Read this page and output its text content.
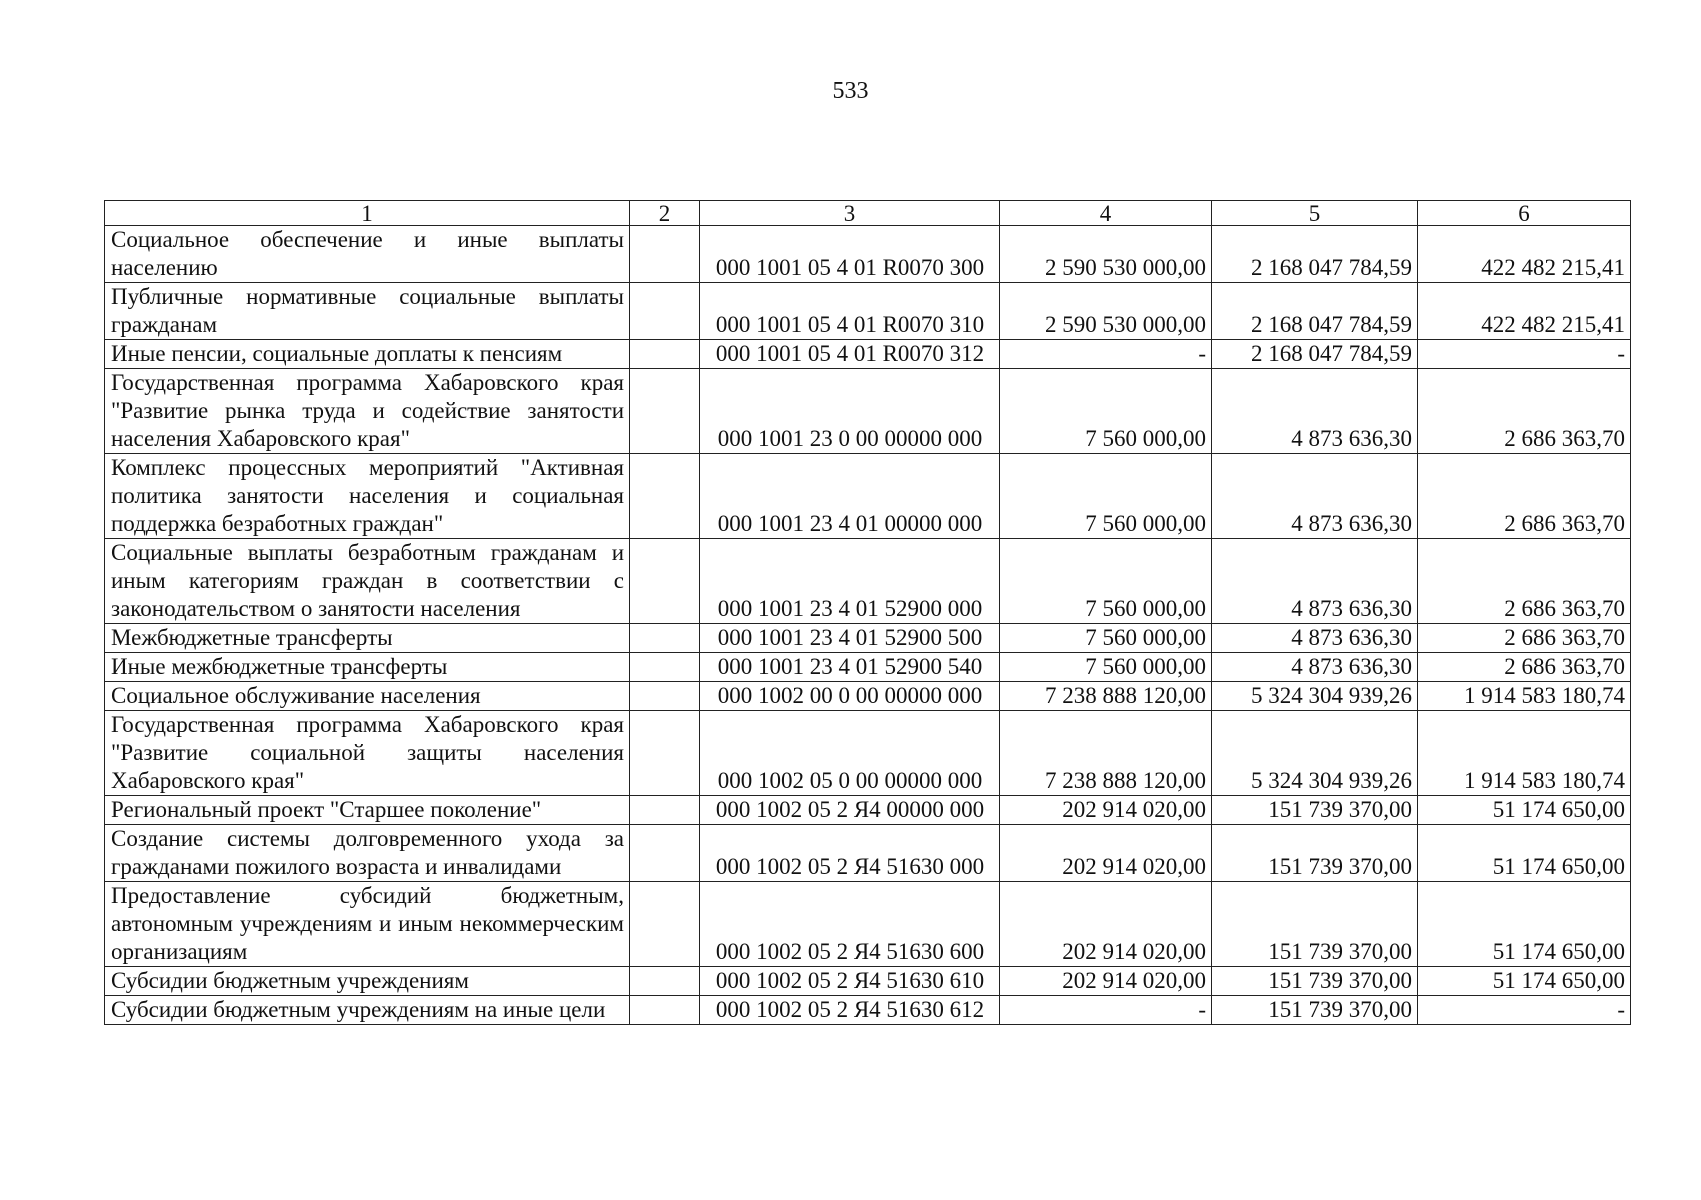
533
1	2	3	4	5	6
Социальное обеспечение и иные выплаты населению		000 1001 05 4 01 R0070 300	2 590 530 000,00	2 168 047 784,59	422 482 215,41
Публичные нормативные социальные выплаты гражданам		000 1001 05 4 01 R0070 310	2 590 530 000,00	2 168 047 784,59	422 482 215,41
Иные пенсии, социальные доплаты к пенсиям		000 1001 05 4 01 R0070 312	-	2 168 047 784,59	-
Государственная программа Хабаровского края "Развитие рынка труда и содействие занятости населения Хабаровского края"		000 1001 23 0 00 00000 000	7 560 000,00	4 873 636,30	2 686 363,70
Комплекс процессных мероприятий "Активная политика занятости населения и социальная поддержка безработных граждан"		000 1001 23 4 01 00000 000	7 560 000,00	4 873 636,30	2 686 363,70
Социальные выплаты безработным гражданам и иным категориям граждан в соответствии с законодательством о занятости населения		000 1001 23 4 01 52900 000	7 560 000,00	4 873 636,30	2 686 363,70
Межбюджетные трансферты		000 1001 23 4 01 52900 500	7 560 000,00	4 873 636,30	2 686 363,70
Иные межбюджетные трансферты		000 1001 23 4 01 52900 540	7 560 000,00	4 873 636,30	2 686 363,70
Социальное обслуживание населения		000 1002 00 0 00 00000 000	7 238 888 120,00	5 324 304 939,26	1 914 583 180,74
Государственная программа Хабаровского края "Развитие социальной защиты населения Хабаровского края"		000 1002 05 0 00 00000 000	7 238 888 120,00	5 324 304 939,26	1 914 583 180,74
Региональный проект "Старшее поколение"		000 1002 05 2 Я4 00000 000	202 914 020,00	151 739 370,00	51 174 650,00
Создание системы долговременного ухода за гражданами пожилого возраста и инвалидами		000 1002 05 2 Я4 51630 000	202 914 020,00	151 739 370,00	51 174 650,00
Предоставление субсидий бюджетным, автономным учреждениям и иным некоммерческим организациям		000 1002 05 2 Я4 51630 600	202 914 020,00	151 739 370,00	51 174 650,00
Субсидии бюджетным учреждениям		000 1002 05 2 Я4 51630 610	202 914 020,00	151 739 370,00	51 174 650,00
Субсидии бюджетным учреждениям на иные цели		000 1002 05 2 Я4 51630 612	-	151 739 370,00	-
